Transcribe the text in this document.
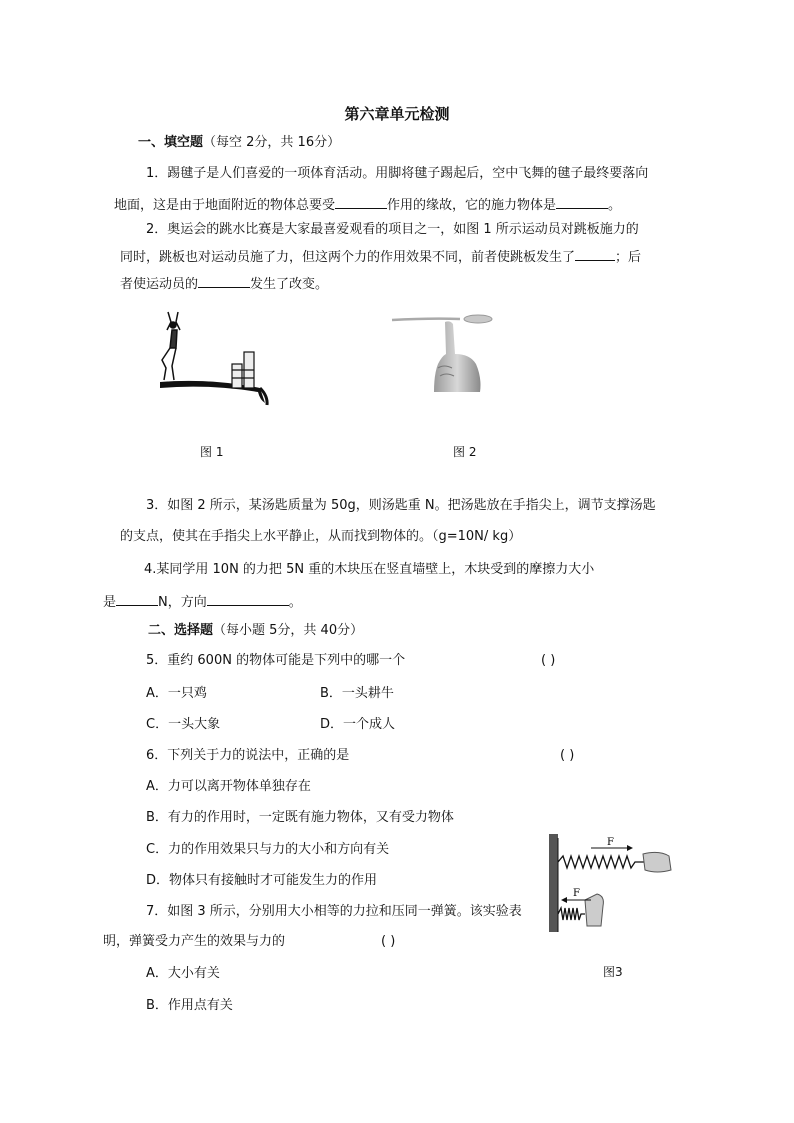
第六章单元检测
一、填空题（每空 2分，共 16分）
1．踢毽子是人们喜爱的一项体育活动。用脚将毽子踢起后，空中飞舞的毽子最终要落向
地面，这是由于地面附近的物体总要受	作用的缘故，它的施力物体是	。
2．奥运会的跳水比赛是大家最喜爱观看的项目之一，如图 1 所示运动员对跳板施力的
同时，跳板也对运动员施了力，但这两个力的作用效果不同，前者使跳板发生了	；后
者使运动员的	发生了改变。
图 1	图 2
3．如图 2 所示，某汤匙质量为 50g，则汤匙重 N。把汤匙放在手指尖上，调节支撑汤匙
的支点，使其在手指尖上水平静止，从而找到物体的。（g=10N/ kg）
4.某同学用 10N 的力把 5N 重的木块压在竖直墙壁上，木块受到的摩擦力大小
是	N，方向	。
二、选择题（每小题 5分，共 40分）
5．重约 600N 的物体可能是下列中的哪一个	( )
A．一只鸡	B．一头耕牛
C．一头大象	D．一个成人
6．下列关于力的说法中，正确的是	( )
A．力可以离开物体单独存在
B．有力的作用时，一定既有施力物体，又有受力物体
C．力的作用效果只与力的大小和方向有关
D．物体只有接触时才可能发生力的作用
F
F
7．如图 3 所示，分别用大小相等的力拉和压同一弹簧。该实验表
明，弹簧受力产生的效果与力的	( )
图3
A．大小有关
B．作用点有关
